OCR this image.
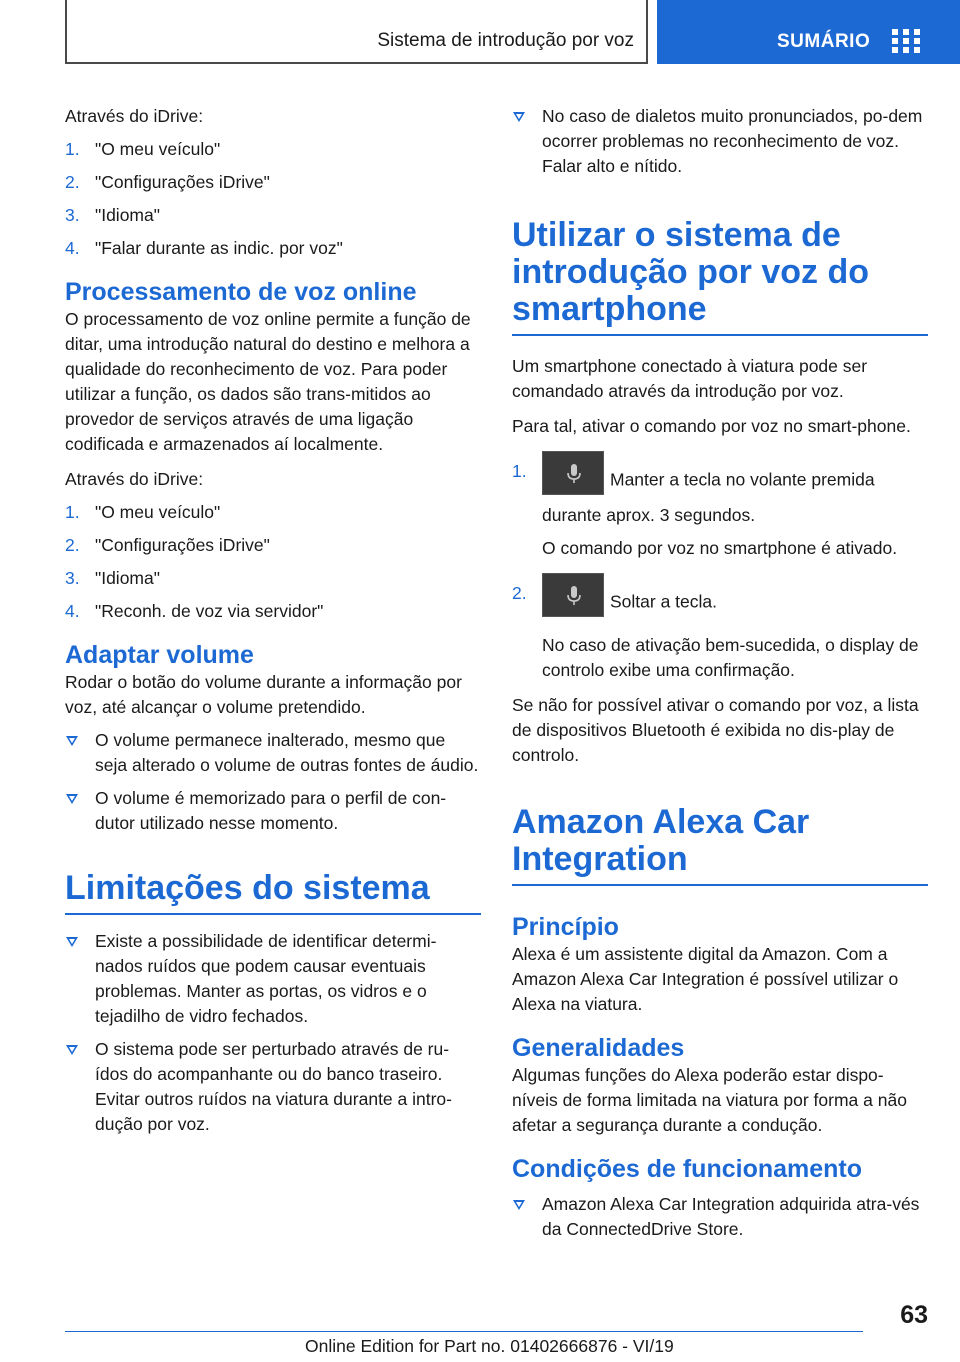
Sistema de introdução por voz	SUMÁRIO

Através do iDrive:

1. "O meu veículo"
2. "Configurações iDrive"
3. "Idioma"
4. "Falar durante as indic. por voz"
Processamento de voz online

O processamento de voz online permite a função de ditar, uma introdução natural do destino e melhora a qualidade do reconhecimento de voz. Para poder utilizar a função, os dados são trans‐mitidos ao provedor de serviços através de uma ligação codificada e armazenados aí localmente.

Através do iDrive:

1. "O meu veículo"
2. "Configurações iDrive"
3. "Idioma"
4. "Reconh. de voz via servidor"
Adaptar volume

Rodar o botão do volume durante a informação por voz, até alcançar o volume pretendido.

O volume permanece inalterado, mesmo que seja alterado o volume de outras fontes de áudio.
O volume é memorizado para o perfil de con‐dutor utilizado nesse momento.
Limitações do sistema
Existe a possibilidade de identificar determi‐nados ruídos que podem causar eventuais problemas. Manter as portas, os vidros e o tejadilho de vidro fechados.
O sistema pode ser perturbado através de ru‐ídos do acompanhante ou do banco traseiro. Evitar outros ruídos na viatura durante a intro‐dução por voz.
No caso de dialetos muito pronunciados, po‐dem ocorrer problemas no reconhecimento de voz. Falar alto e nítido.
Utilizar o sistema de introdução por voz do smartphone

Um smartphone conectado à viatura pode ser comandado através da introdução por voz.

Para tal, ativar o comando por voz no smart‐phone.

1.	Manter a tecla no volante premida durante aprox. 3 segundos.

O comando por voz no smartphone é ativado.

2.	Soltar a tecla.

No caso de ativação bem-sucedida, o display de controlo exibe uma confirmação.

Se não for possível ativar o comando por voz, a lista de dispositivos Bluetooth é exibida no dis‐play de controlo.

Amazon Alexa Car Integration
Princípio

Alexa é um assistente digital da Amazon. Com a Amazon Alexa Car Integration é possível utilizar o Alexa na viatura.

Generalidades

Algumas funções do Alexa poderão estar dispo‐níveis de forma limitada na viatura por forma a não afetar a segurança durante a condução.

Condições de funcionamento
Amazon Alexa Car Integration adquirida atra‐vés da ConnectedDrive Store.
63
Online Edition for Part no. 01402666876 - VI/19
